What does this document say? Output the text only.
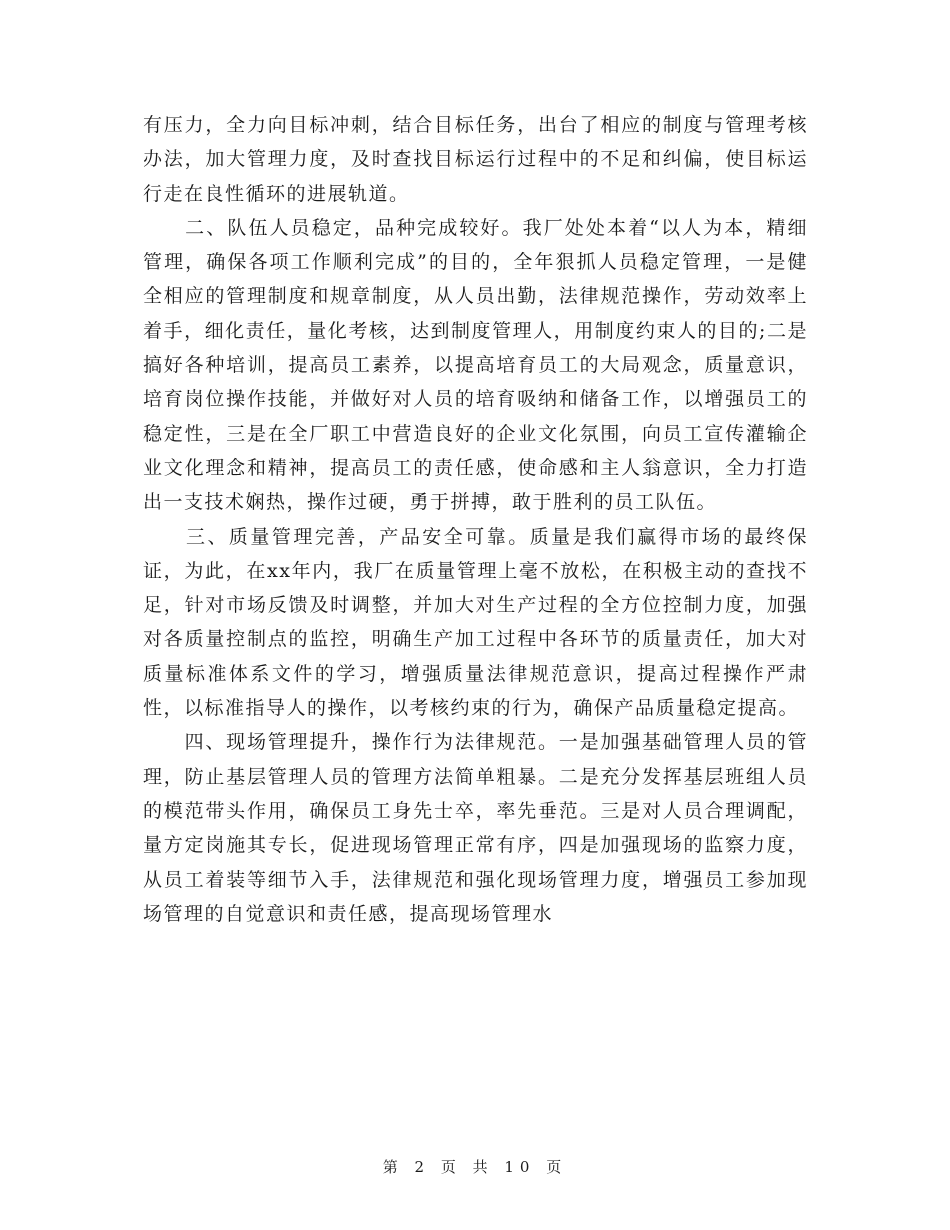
有压力，全力向目标冲刺，结合目标任务，出台了相应的制度与管理考核办法，加大管理力度，及时查找目标运行过程中的不足和纠偏，使目标运行走在良性循环的进展轨道。

　　二、队伍人员稳定，品种完成较好。我厂处处本着“以人为本，精细管理，确保各项工作顺利完成”的目的，全年狠抓人员稳定管理，一是健全相应的管理制度和规章制度，从人员出勤，法律规范操作，劳动效率上着手，细化责任，量化考核，达到制度管理人，用制度约束人的目的;二是搞好各种培训，提高员工素养，以提高培育员工的大局观念，质量意识，培育岗位操作技能，并做好对人员的培育吸纳和储备工作，以增强员工的稳定性，三是在全厂职工中营造良好的企业文化氛围，向员工宣传灌输企业文化理念和精神，提高员工的责任感，使命感和主人翁意识，全力打造出一支技术娴热，操作过硬，勇于拼搏，敢于胜利的员工队伍。

　　三、质量管理完善，产品安全可靠。质量是我们赢得市场的最终保证，为此，在xx年内，我厂在质量管理上毫不放松，在积极主动的查找不足，针对市场反馈及时调整，并加大对生产过程的全方位控制力度，加强对各质量控制点的监控，明确生产加工过程中各环节的质量责任，加大对质量标准体系文件的学习，增强质量法律规范意识，提高过程操作严肃性，以标准指导人的操作，以考核约束的行为，确保产品质量稳定提高。

　　四、现场管理提升，操作行为法律规范。一是加强基础管理人员的管理，防止基层管理人员的管理方法简单粗暴。二是充分发挥基层班组人员的模范带头作用，确保员工身先士卒，率先垂范。三是对人员合理调配，量方定岗施其专长，促进现场管理正常有序，四是加强现场的监察力度，从员工着装等细节入手，法律规范和强化现场管理力度，增强员工参加现场管理的自觉意识和责任感，提高现场管理水

第 2 页 共 10 页
